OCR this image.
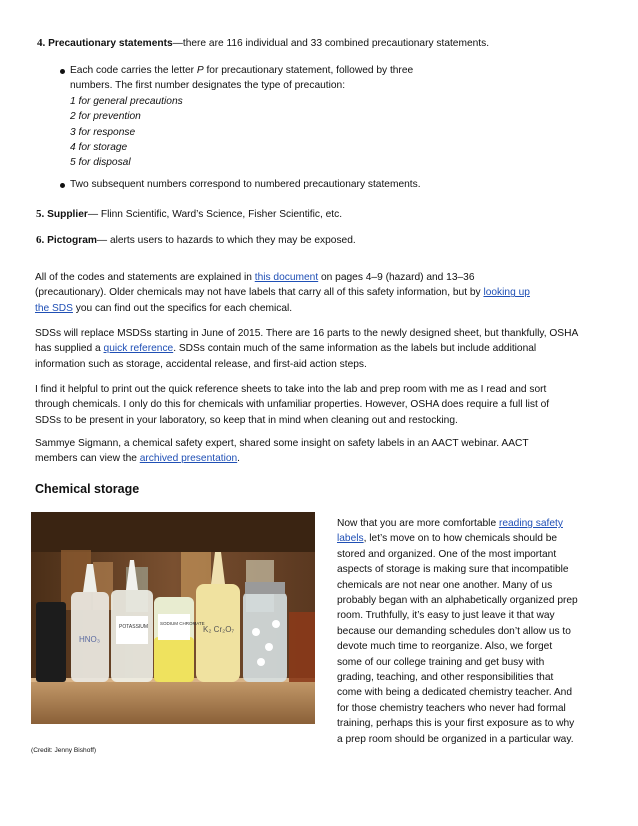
4. Precautionary statements—there are 116 individual and 33 combined precautionary statements.
Each code carries the letter P for precautionary statement, followed by three
numbers. The first number designates the type of precaution:
1 for general precautions
2 for prevention
3 for response
4 for storage
5 for disposal
Two subsequent numbers correspond to numbered precautionary statements.
5. Supplier— Flinn Scientific, Ward’s Science, Fisher Scientific, etc.
6. Pictogram— alerts users to hazards to which they may be exposed.
All of the codes and statements are explained in this document on pages 4–9 (hazard) and 13–36
(precautionary). Older chemicals may not have labels that carry all of this safety information, but by looking up
the SDS you can find out the specifics for each chemical.
SDSs will replace MSDSs starting in June of 2015. There are 16 parts to the newly designed sheet, but thankfully, OSHA
has supplied a quick reference. SDSs contain much of the same information as the labels but include additional
information such as storage, accidental release, and first-aid action steps.
I find it helpful to print out the quick reference sheets to take into the lab and prep room with me as I read and sort
through chemicals. I only do this for chemicals with unfamiliar properties. However, OSHA does require a full list of
SDSs to be present in your laboratory, so keep that in mind when cleaning out and restocking.
Sammye Sigmann, a chemical safety expert, shared some insight on safety labels in an AACT webinar. AACT
members can view the archived presentation.
Chemical storage
POTASSIUM
SODIUM CHROMATE
HNO₃
K₂ Cr₂O₇
Now that you are more comfortable reading safety
labels, let’s move on to how chemicals should be
stored and organized. One of the most important
aspects of storage is making sure that incompatible
chemicals are not near one another. Many of us
probably began with an alphabetically organized prep
room. Truthfully, it’s easy to just leave it that way
because our demanding schedules don’t allow us to
devote much time to reorganize. Also, we forget
some of our college training and get busy with
grading, teaching, and other responsibilities that
come with being a dedicated chemistry teacher. And
for those chemistry teachers who never had formal
training, perhaps this is your first exposure as to why
a prep room should be organized in a particular way.
(Credit: Jenny Bishoff)
